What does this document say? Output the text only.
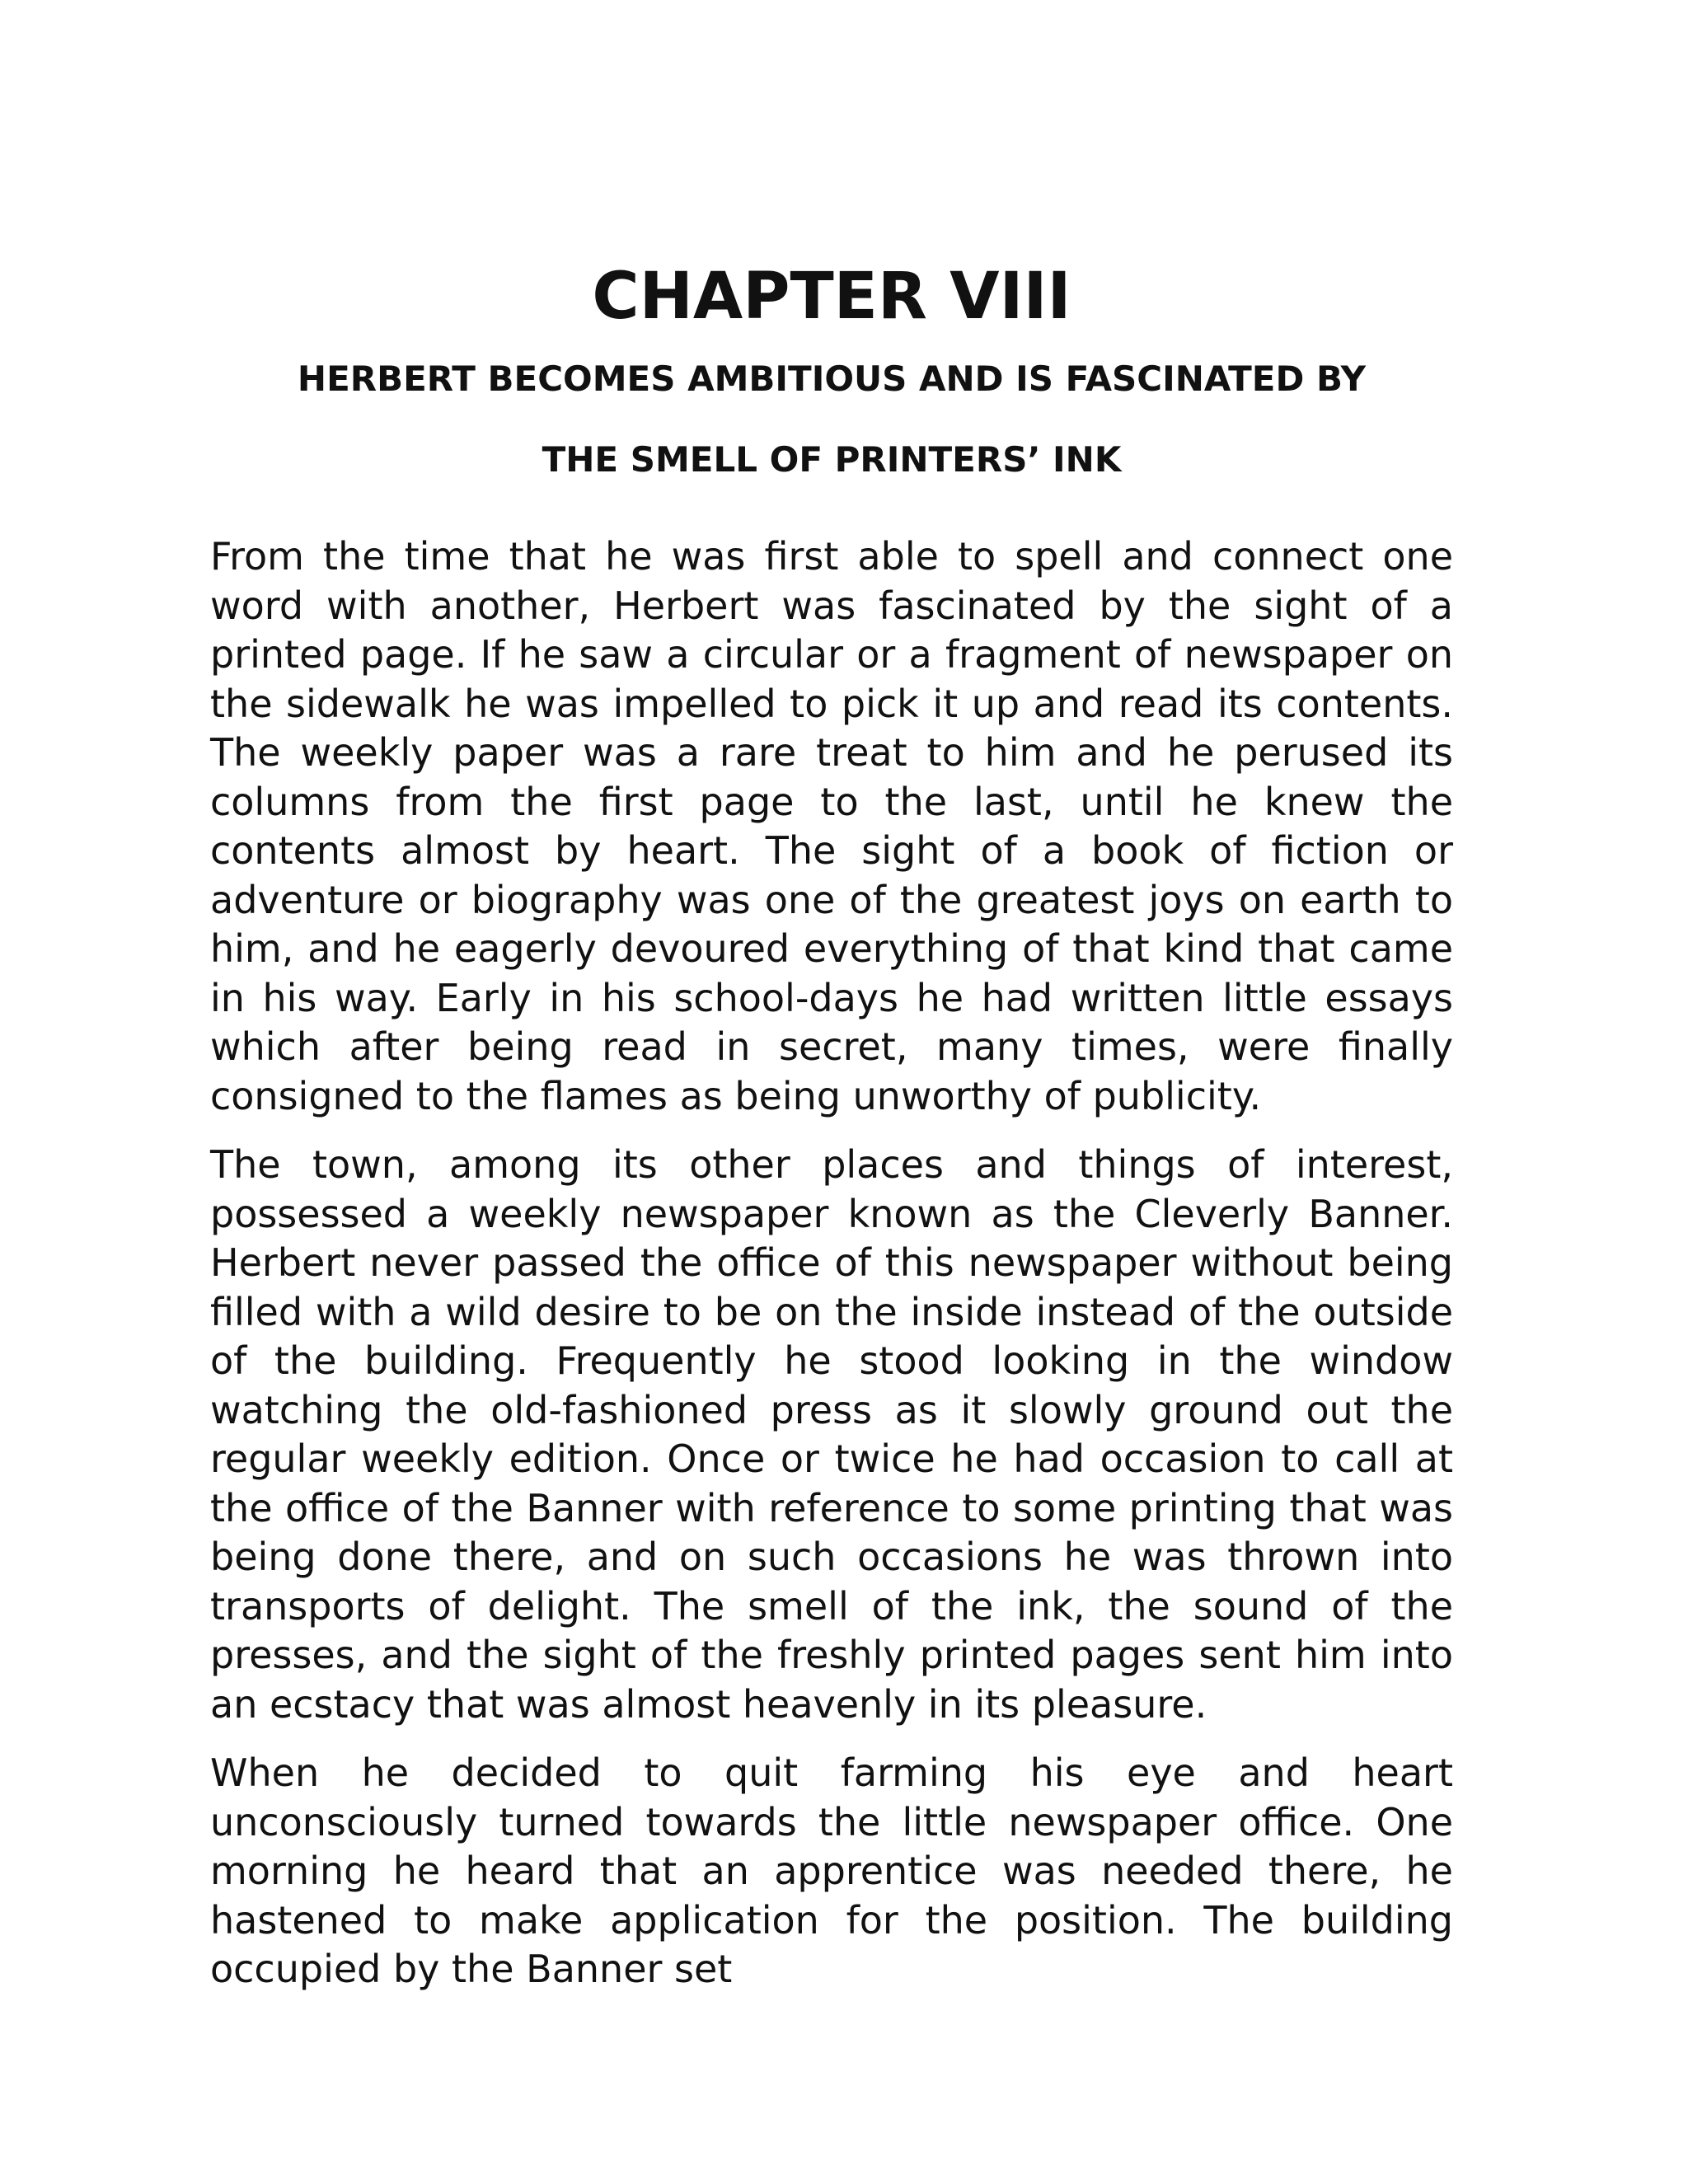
CHAPTER VIII
HERBERT BECOMES AMBITIOUS AND IS FASCINATED BY
THE SMELL OF PRINTERS’ INK

From the time that he was first able to spell and connect one word with another, Herbert was fascinated by the sight of a printed page. If he saw a circular or a fragment of newspaper on the sidewalk he was impelled to pick it up and read its contents. The weekly paper was a rare treat to him and he perused its columns from the first page to the last, until he knew the contents almost by heart. The sight of a book of fiction or adventure or biography was one of the greatest joys on earth to him, and he eagerly devoured everything of that kind that came in his way. Early in his school-days he had written little essays which after being read in secret, many times, were finally consigned to the flames as being unworthy of publicity.

The town, among its other places and things of interest, possessed a weekly newspaper known as the Cleverly Banner. Herbert never passed the office of this newspaper without being filled with a wild desire to be on the inside instead of the outside of the building. Frequently he stood looking in the window watching the old-fashioned press as it slowly ground out the regular weekly edition. Once or twice he had occasion to call at the office of the Banner with reference to some printing that was being done there, and on such occasions he was thrown into transports of delight. The smell of the ink, the sound of the presses, and the sight of the freshly printed pages sent him into an ecstacy that was almost heavenly in its pleasure.

When he decided to quit farming his eye and heart unconsciously turned towards the little newspaper office. One morning he heard that an apprentice was needed there, he hastened to make application for the position. The building occupied by the Banner set
